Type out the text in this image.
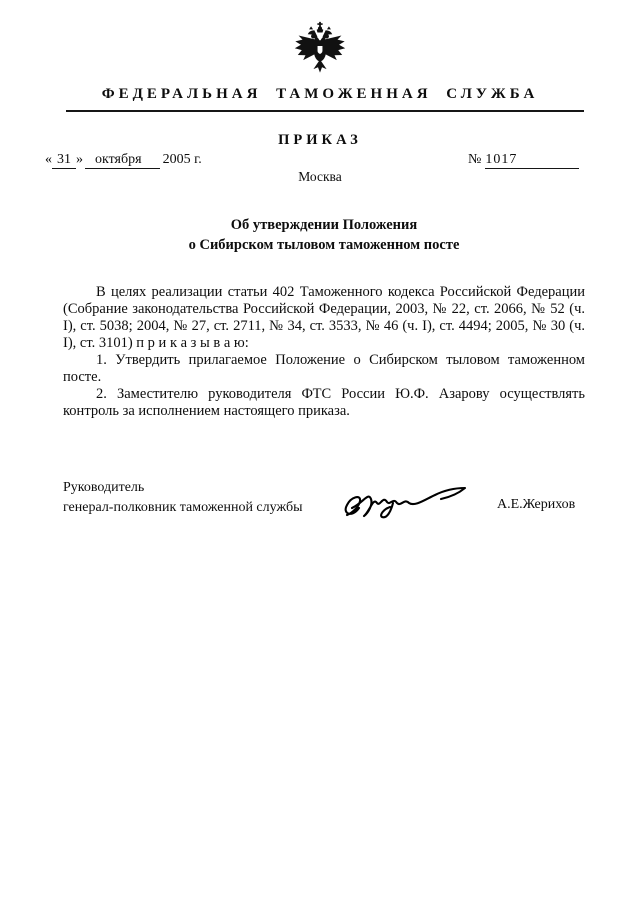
ФЕДЕРАЛЬНАЯ ТАМОЖЕННАЯ СЛУЖБА
ПРИКАЗ
« 31 » октября 2005 г.	№ 1017
Москва
Об утверждении Положения
о Сибирском тыловом таможенном посте

В целях реализации статьи 402 Таможенного кодекса Российской Федерации (Собрание законодательства Российской Федерации, 2003, № 22, ст. 2066, № 52 (ч. I), ст. 5038; 2004, № 27, ст. 2711, № 34, ст. 3533, № 46 (ч. I), ст. 4494; 2005, № 30 (ч. I), ст. 3101) п р и к а з ы в а ю:

1. Утвердить прилагаемое Положение о Сибирском тыловом таможенном посте.

2. Заместителю руководителя ФТС России Ю.Ф. Азарову осуществлять контроль за исполнением настоящего приказа.

Руководитель
генерал-полковник таможенной службы	А.Е.Жерихов
